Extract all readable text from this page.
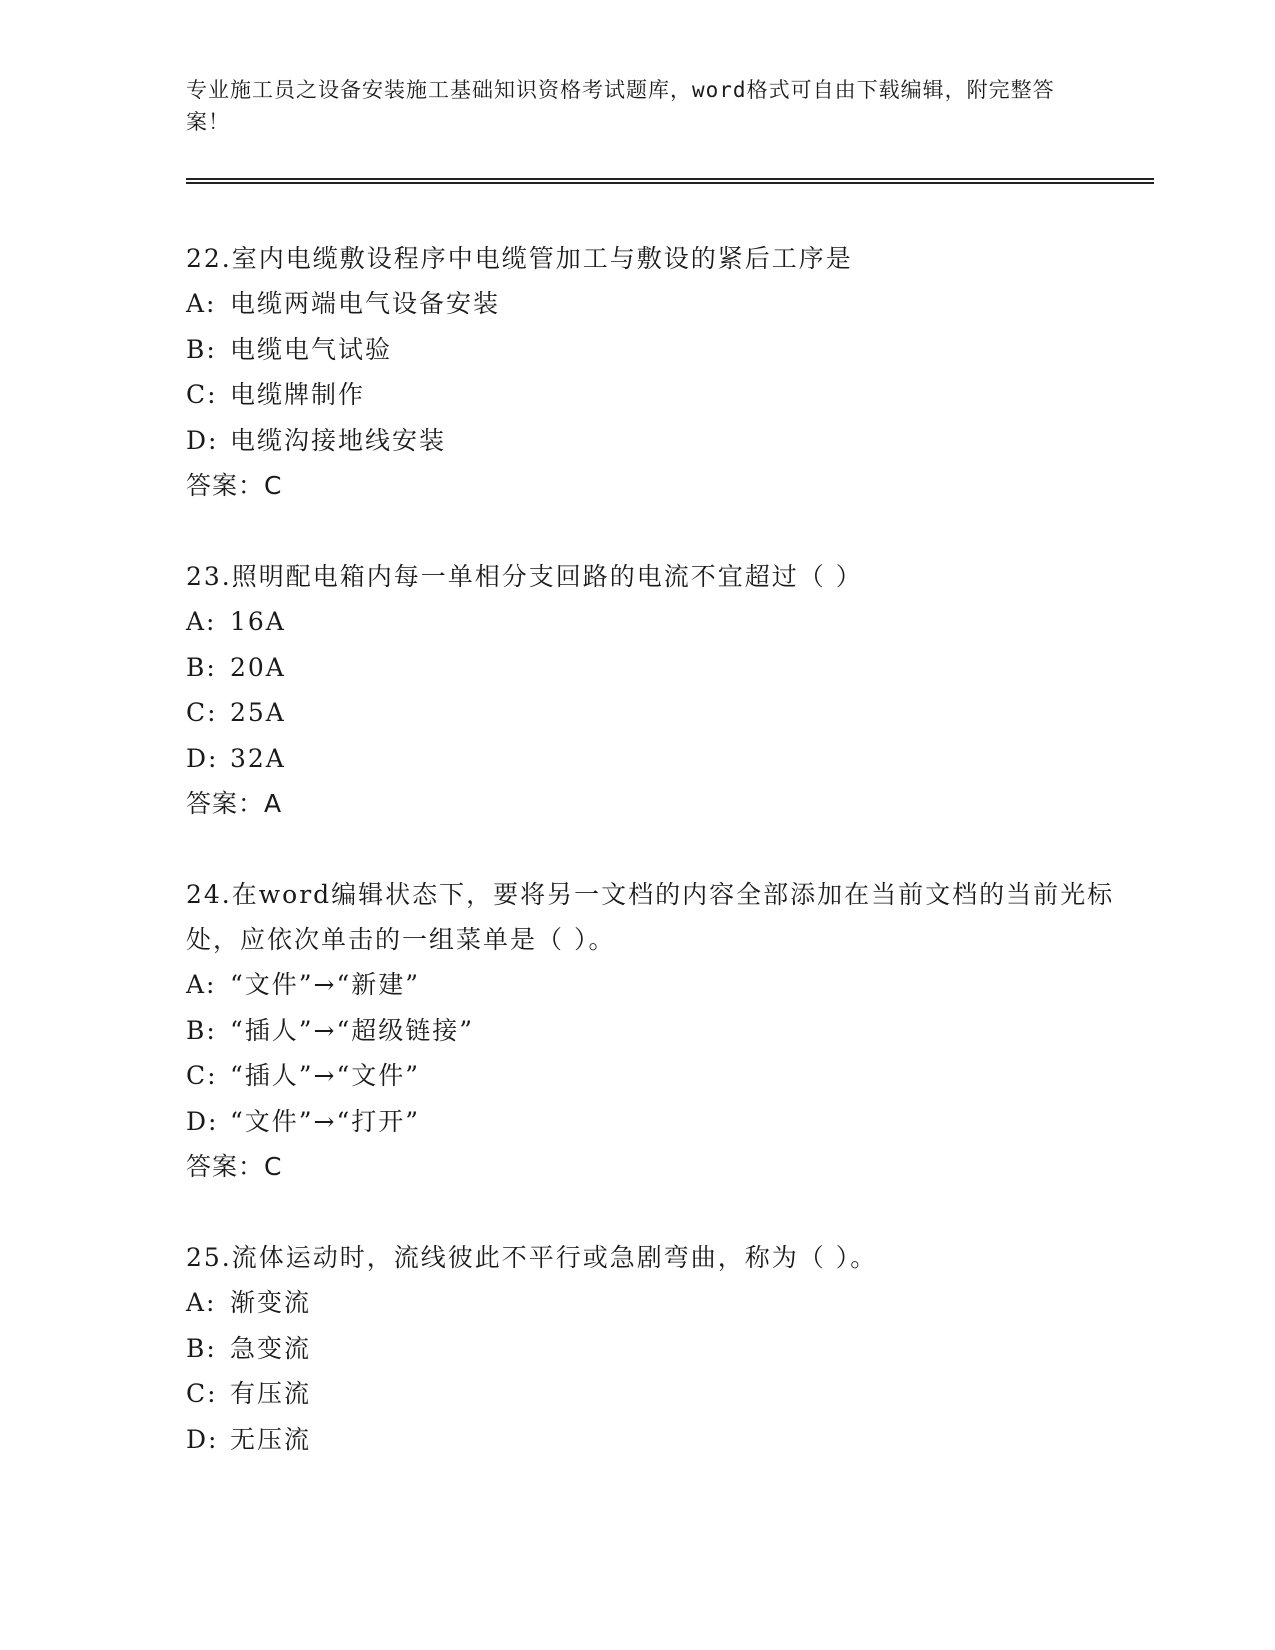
专业施工员之设备安装施工基础知识资格考试题库，word格式可自由下载编辑，附完整答案！
22.室内电缆敷设程序中电缆管加工与敷设的紧后工序是
A: 电缆两端电气设备安装
B: 电缆电气试验
C: 电缆牌制作
D: 电缆沟接地线安装
答案：C
23.照明配电箱内每一单相分支回路的电流不宜超过（ ）
A: 16A
B: 20A
C: 25A
D: 32A
答案：A
24.在word编辑状态下，要将另一文档的内容全部添加在当前文档的当前光标处，应依次单击的一组菜单是（ ）。
A: “文件”→“新建”
B: “插人”→“超级链接”
C: “插人”→“文件”
D: “文件”→“打开”
答案：C
25.流体运动时，流线彼此不平行或急剧弯曲，称为（ ）。
A: 渐变流
B: 急变流
C: 有压流
D: 无压流
